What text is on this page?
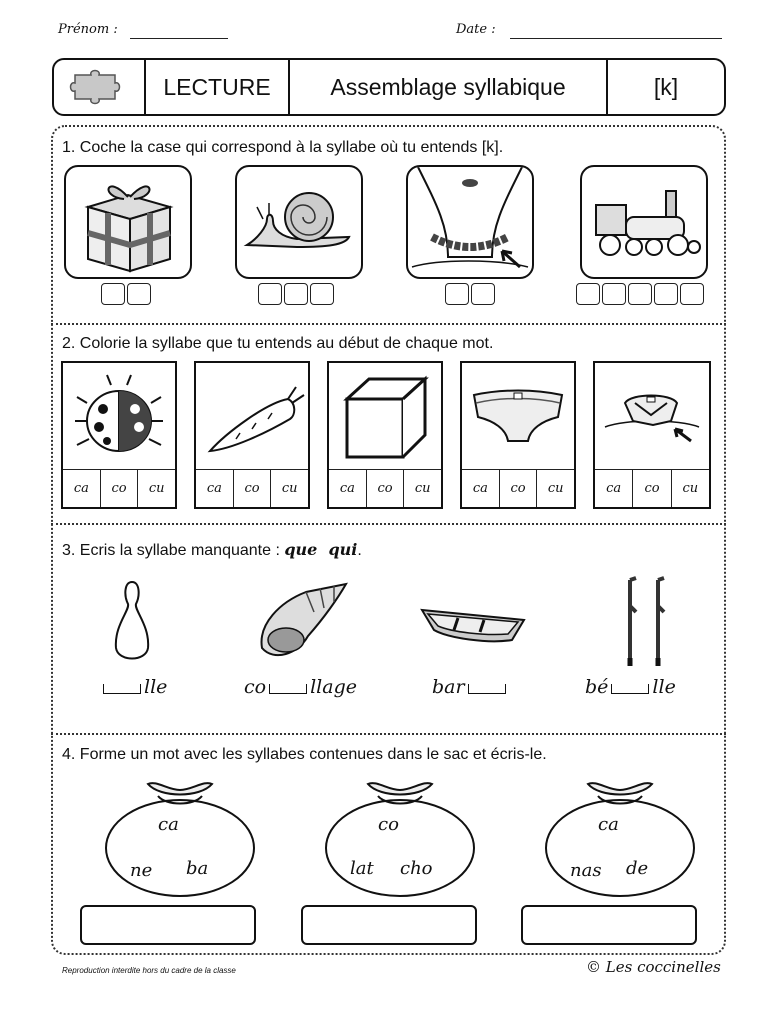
Prénom :	Date :
LECTURE	Assemblage syllabique	[k]
1. Coche la case qui correspond à la syllabe où tu entends [k].
2. Colorie la syllabe que tu entends au début de chaque mot.
ca	co	cu	ca	co	cu	ca	co	cu	ca	co	cu	ca	co	cu
3. Ecris la syllabe manquante : que  qui.
lle	co llage	bar	bé lle
4. Forme un mot avec les syllabes contenues dans le sac et écris-le.
ca
ne ba
co
lat cho
ca
nas de
Reproduction interdite hors du cadre de la classe	© Les coccinelles
